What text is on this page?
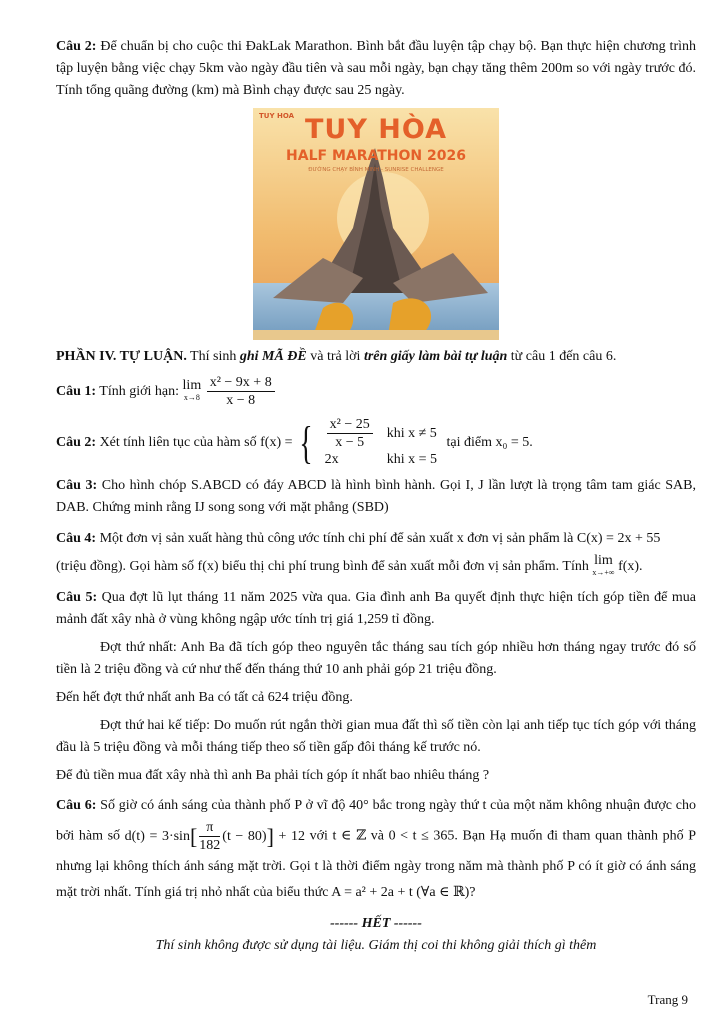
Câu 2: Để chuẩn bị cho cuộc thi ĐakLak Marathon. Bình bắt đầu luyện tập chạy bộ. Bạn thực hiện chương trình tập luyện bằng việc chạy 5km vào ngày đầu tiên và sau mỗi ngày, bạn chạy tăng thêm 200m so với ngày trước đó. Tính tổng quãng đường (km) mà Bình chạy được sau 25 ngày.

TUY HOA TUY HÒA
HALF MARATHON 2026
ĐƯỜNG CHẠY BÌNH MINH - SUNRISE CHALLENGE

PHẦN IV. TỰ LUẬN. Thí sinh ghi MÃ ĐỀ và trả lời trên giấy làm bài tự luận từ câu 1 đến câu 6.

Câu 1: Tính giới hạn: lim
x→8
$\frac{\text{x² − 9x + 8}}{x - 8}$

Câu 2: Xét tính liên tục của hàm số f(x) = { $\frac{\text{x² − 25}}{x - 5}$	khi x ≠ 5
2x	khi x = 5
tại điểm x₀ = 5.

Câu 3: Cho hình chóp S.ABCD có đáy ABCD là hình bình hành. Gọi I, J lần lượt là trọng tâm tam giác SAB, DAB. Chứng minh rằng IJ song song với mặt phẳng (SBD)

Câu 4: Một đơn vị sản xuất hàng thủ công ước tính chi phí để sản xuất x đơn vị sản phẩm là C(x) = 2x + 55
(triệu đồng). Gọi hàm số f(x) biểu thị chi phí trung bình để sản xuất mỗi đơn vị sản phẩm. Tính lim
x→+∞ f(x).

Câu 5: Qua đợt lũ lụt tháng 11 năm 2025 vừa qua. Gia đình anh Ba quyết định thực hiện tích góp tiền để mua mảnh đất xây nhà ở vùng không ngập ước tính trị giá 1,259 tỉ đồng.

Đợt thứ nhất: Anh Ba đã tích góp theo nguyên tắc tháng sau tích góp nhiều hơn tháng ngay trước đó số tiền là 2 triệu đồng và cứ như thế đến tháng thứ 10 anh phải góp 21 triệu đồng.

Đến hết đợt thứ nhất anh Ba có tất cả 624 triệu đồng.

Đợt thứ hai kế tiếp: Do muốn rút ngắn thời gian mua đất thì số tiền còn lại anh tiếp tục tích góp với tháng đầu là 5 triệu đồng và mỗi tháng tiếp theo số tiền gấp đôi tháng kế trước nó.

Để đủ tiền mua đất xây nhà thì anh Ba phải tích góp ít nhất bao nhiêu tháng ?

Câu 6: Số giờ có ánh sáng của thành phố P ở vĩ độ 40° bắc trong ngày thứ t của một năm không nhuận được cho bởi hàm số $d(t) = 3\cdot\sin[ \frac{\pi}{182} (t - 80)] + 12$ với t ∈ ℤ và 0 < t ≤ 365. Bạn Hạ muốn đi tham quan thành phố P nhưng lại không thích ánh sáng mặt trời. Gọi t là thời điểm ngày trong năm mà thành phố P có ít giờ có ánh sáng mặt trời nhất. Tính giá trị nhỏ nhất của biểu thức A = a² + 2a + t (∀a ∈ ℝ)?

------ HẾT ------
Thí sinh không được sử dụng tài liệu. Giám thị coi thi không giải thích gì thêm
Trang 9
